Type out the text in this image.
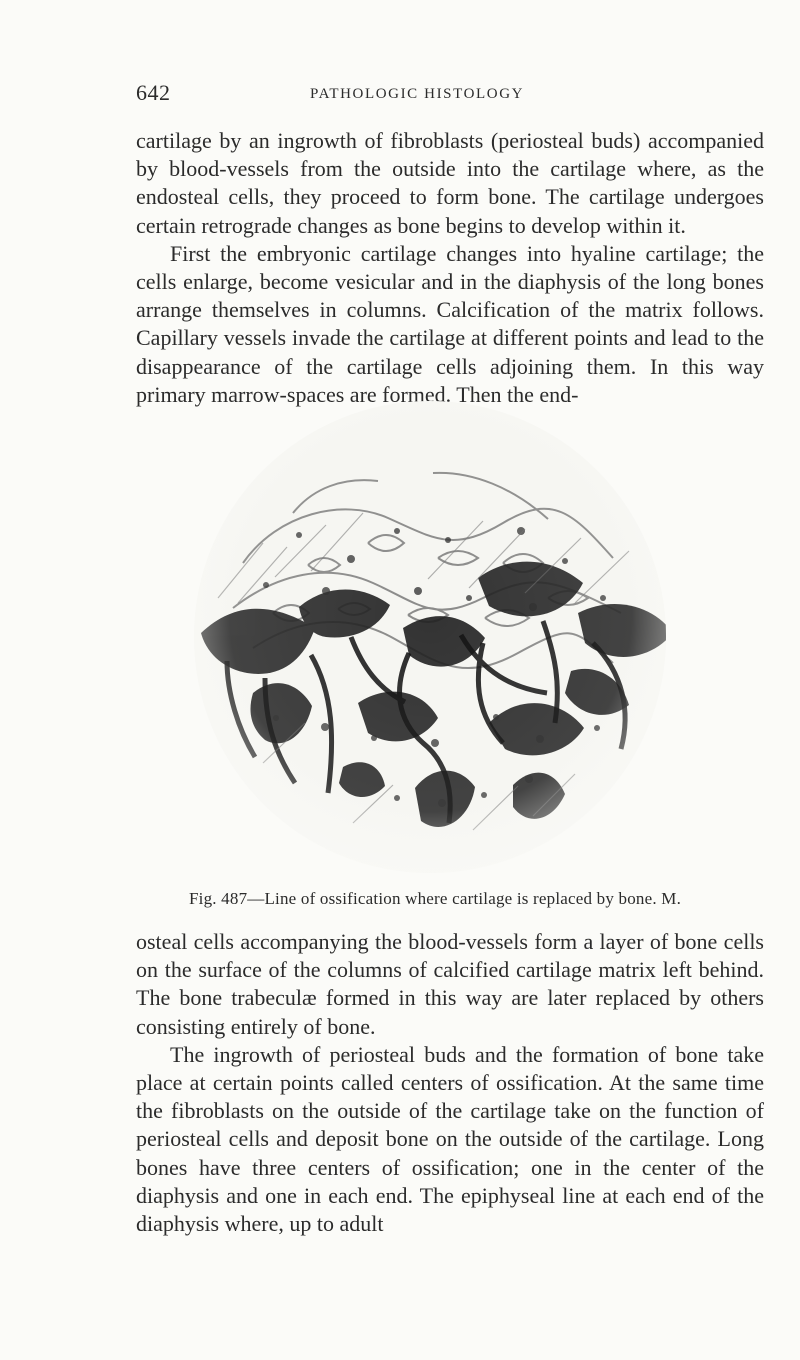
642	PATHOLOGIC HISTOLOGY

cartilage by an ingrowth of fibroblasts (periosteal buds) accompanied by blood-vessels from the outside into the cartilage where, as the endosteal cells, they proceed to form bone. The cartilage undergoes certain retrograde changes as bone begins to develop within it.

First the embryonic cartilage changes into hyaline cartilage; the cells enlarge, become vesicular and in the diaphysis of the long bones arrange themselves in columns. Calcification of the matrix follows. Capillary vessels invade the cartilage at different points and lead to the disappearance of the cartilage cells adjoining them. In this way primary marrow-spaces are formed. Then the end-

Fig. 487—Line of ossification where cartilage is replaced by bone. M.

osteal cells accompanying the blood-vessels form a layer of bone cells on the surface of the columns of calcified cartilage matrix left behind. The bone trabeculæ formed in this way are later replaced by others consisting entirely of bone.

The ingrowth of periosteal buds and the formation of bone take place at certain points called centers of ossification. At the same time the fibroblasts on the outside of the cartilage take on the function of periosteal cells and deposit bone on the outside of the cartilage. Long bones have three centers of ossification; one in the center of the diaphysis and one in each end. The epiphyseal line at each end of the diaphysis where, up to adult
